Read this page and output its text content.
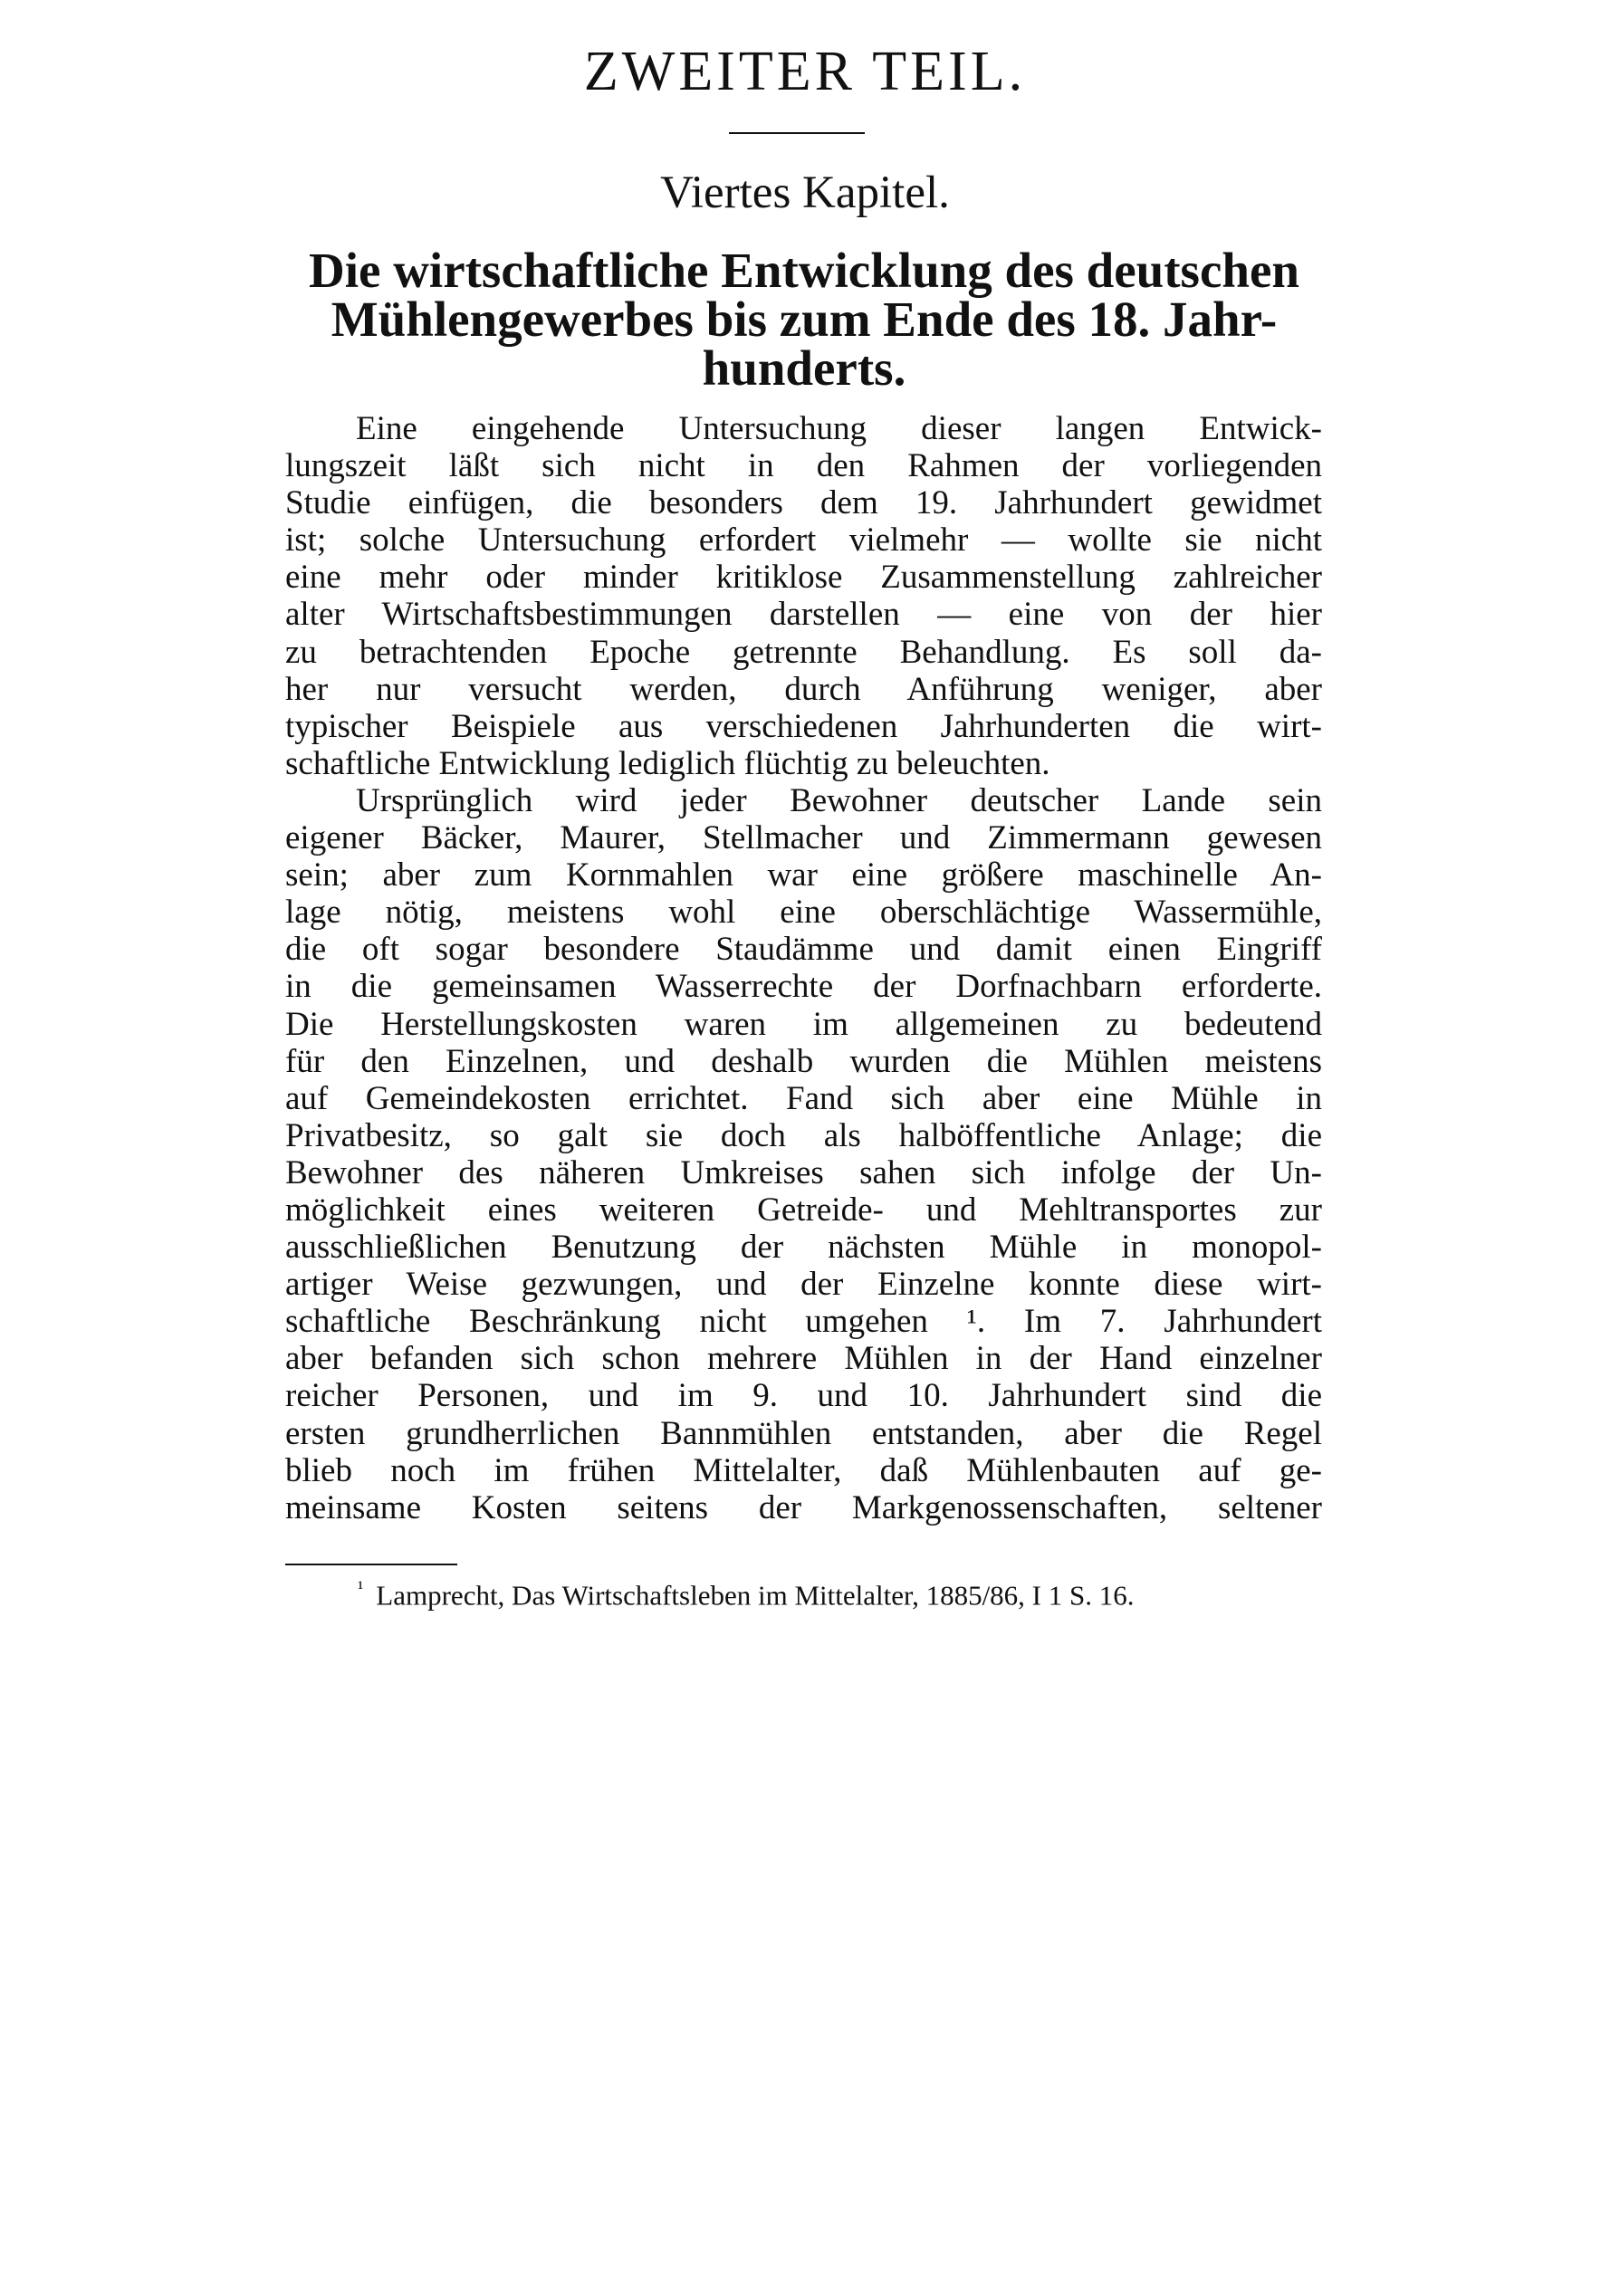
ZWEITER TEIL.
Viertes Kapitel.
Die wirtschaftliche Entwicklung des deutschen
Mühlengewerbes bis zum Ende des 18. Jahr-
hunderts.
Eine eingehende Untersuchung dieser langen Entwick-
lungszeit läßt sich nicht in den Rahmen der vorliegenden
Studie einfügen, die besonders dem 19. Jahrhundert gewidmet
ist; solche Untersuchung erfordert vielmehr — wollte sie nicht
eine mehr oder minder kritiklose Zusammenstellung zahlreicher
alter Wirtschaftsbestimmungen darstellen — eine von der hier
zu betrachtenden Epoche getrennte Behandlung. Es soll da-
her nur versucht werden, durch Anführung weniger, aber
typischer Beispiele aus verschiedenen Jahrhunderten die wirt-
schaftliche Entwicklung lediglich flüchtig zu beleuchten.
Ursprünglich wird jeder Bewohner deutscher Lande sein
eigener Bäcker, Maurer, Stellmacher und Zimmermann gewesen
sein; aber zum Kornmahlen war eine größere maschinelle An-
lage nötig, meistens wohl eine oberschlächtige Wassermühle,
die oft sogar besondere Staudämme und damit einen Eingriff
in die gemeinsamen Wasserrechte der Dorfnachbarn erforderte.
Die Herstellungskosten waren im allgemeinen zu bedeutend
für den Einzelnen, und deshalb wurden die Mühlen meistens
auf Gemeindekosten errichtet. Fand sich aber eine Mühle in
Privatbesitz, so galt sie doch als halböffentliche Anlage; die
Bewohner des näheren Umkreises sahen sich infolge der Un-
möglichkeit eines weiteren Getreide- und Mehltransportes zur
ausschließlichen Benutzung der nächsten Mühle in monopol-
artiger Weise gezwungen, und der Einzelne konnte diese wirt-
schaftliche Beschränkung nicht umgehen ¹. Im 7. Jahrhundert
aber befanden sich schon mehrere Mühlen in der Hand einzelner
reicher Personen, und im 9. und 10. Jahrhundert sind die
ersten grundherrlichen Bannmühlen entstanden, aber die Regel
blieb noch im frühen Mittelalter, daß Mühlenbauten auf ge-
meinsame Kosten seitens der Markgenossenschaften, seltener
$^{^1}$ Lamprecht, Das Wirtschaftsleben im Mittelalter, 1885/86, I 1 S. 16.
